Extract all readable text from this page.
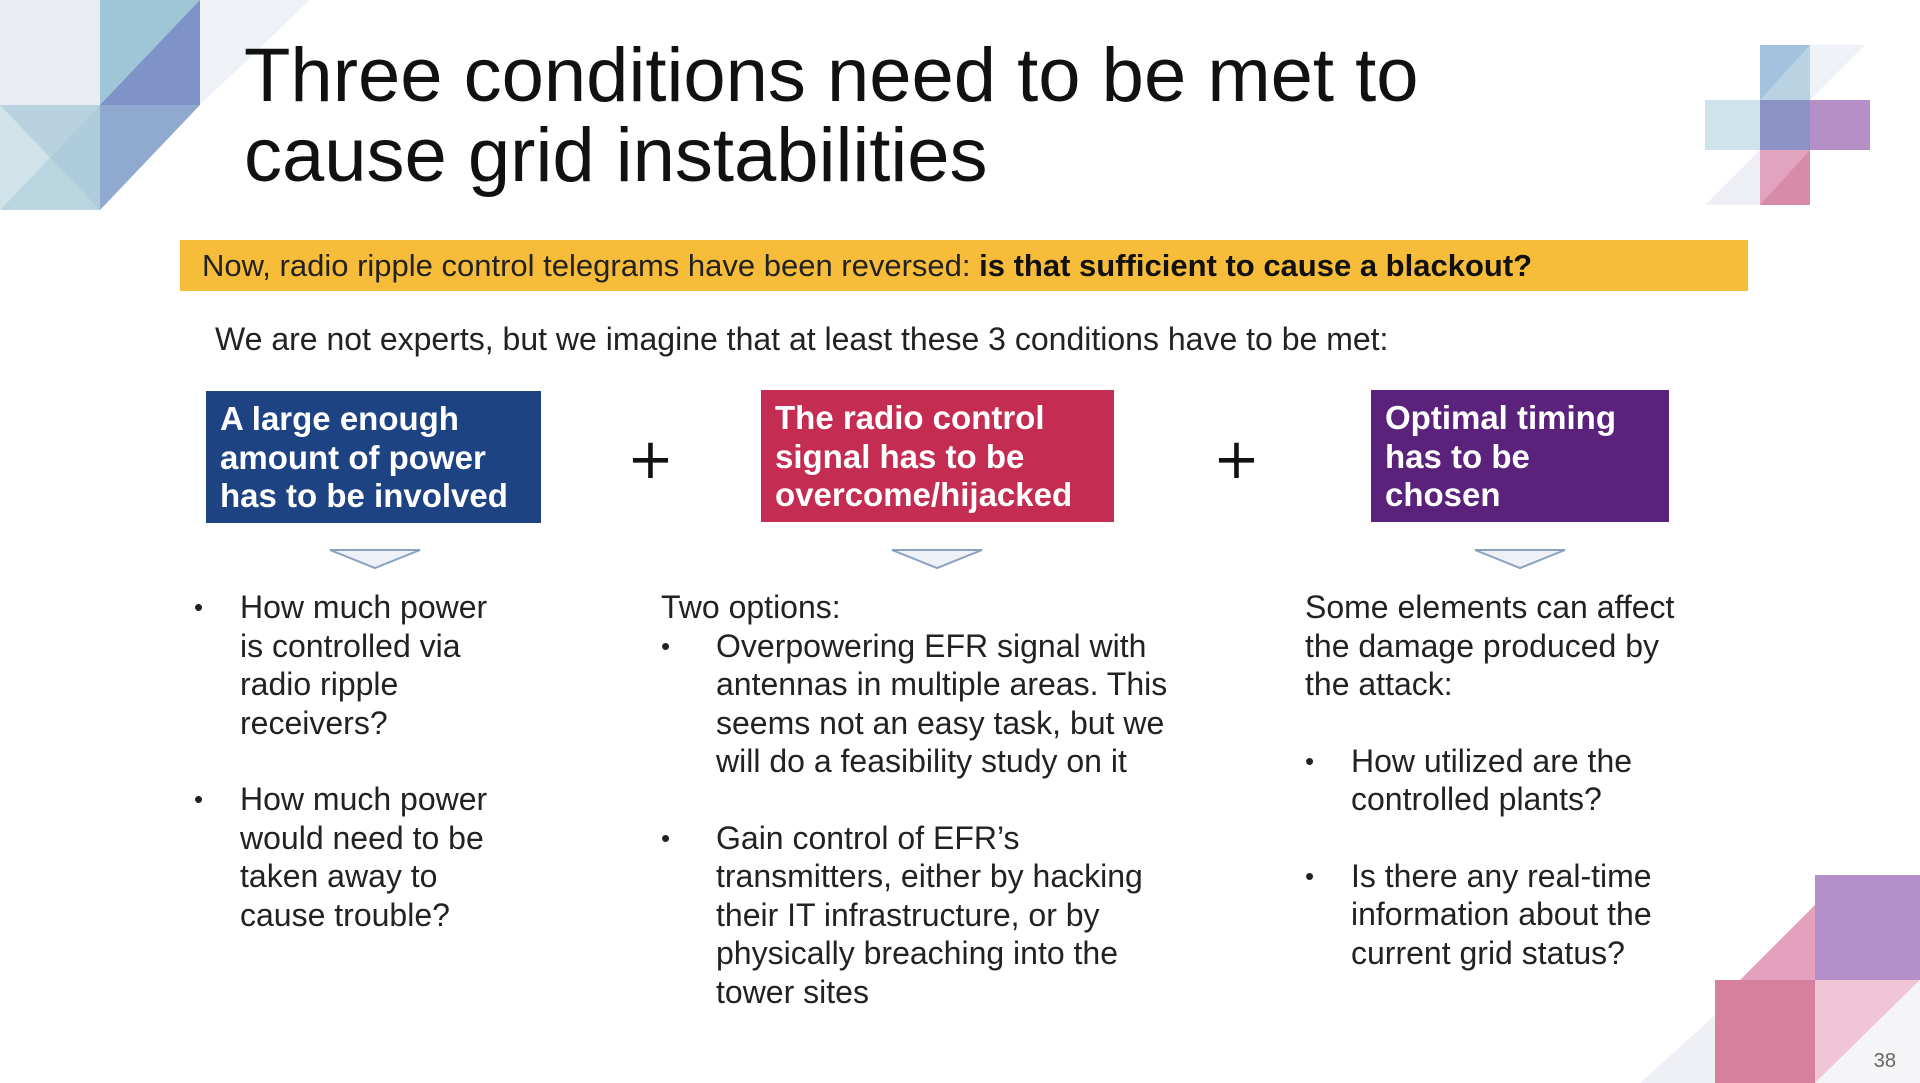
Three conditions need to be met to
cause grid instabilities
Now, radio ripple control telegrams have been reversed: is that sufficient to cause a blackout?
We are not experts, but we imagine that at least these 3 conditions have to be met:
A large enough
amount of power
has to be involved
+
The radio control
signal has to be
overcome/hijacked
+
Optimal timing
has to be
chosen
• How much power
is controlled via
radio ripple
receivers?
• How much power
would need to be
taken away to
cause trouble?

Two options:

• Overpowering EFR signal with
antennas in multiple areas. This
seems not an easy task, but we
will do a feasibility study on it
• Gain control of EFR’s
transmitters, either by hacking
their IT infrastructure, or by
physically breaching into the
tower sites

Some elements can affect
the damage produced by
the attack:

• How utilized are the
controlled plants?
• Is there any real-time
information about the
current grid status?
38
